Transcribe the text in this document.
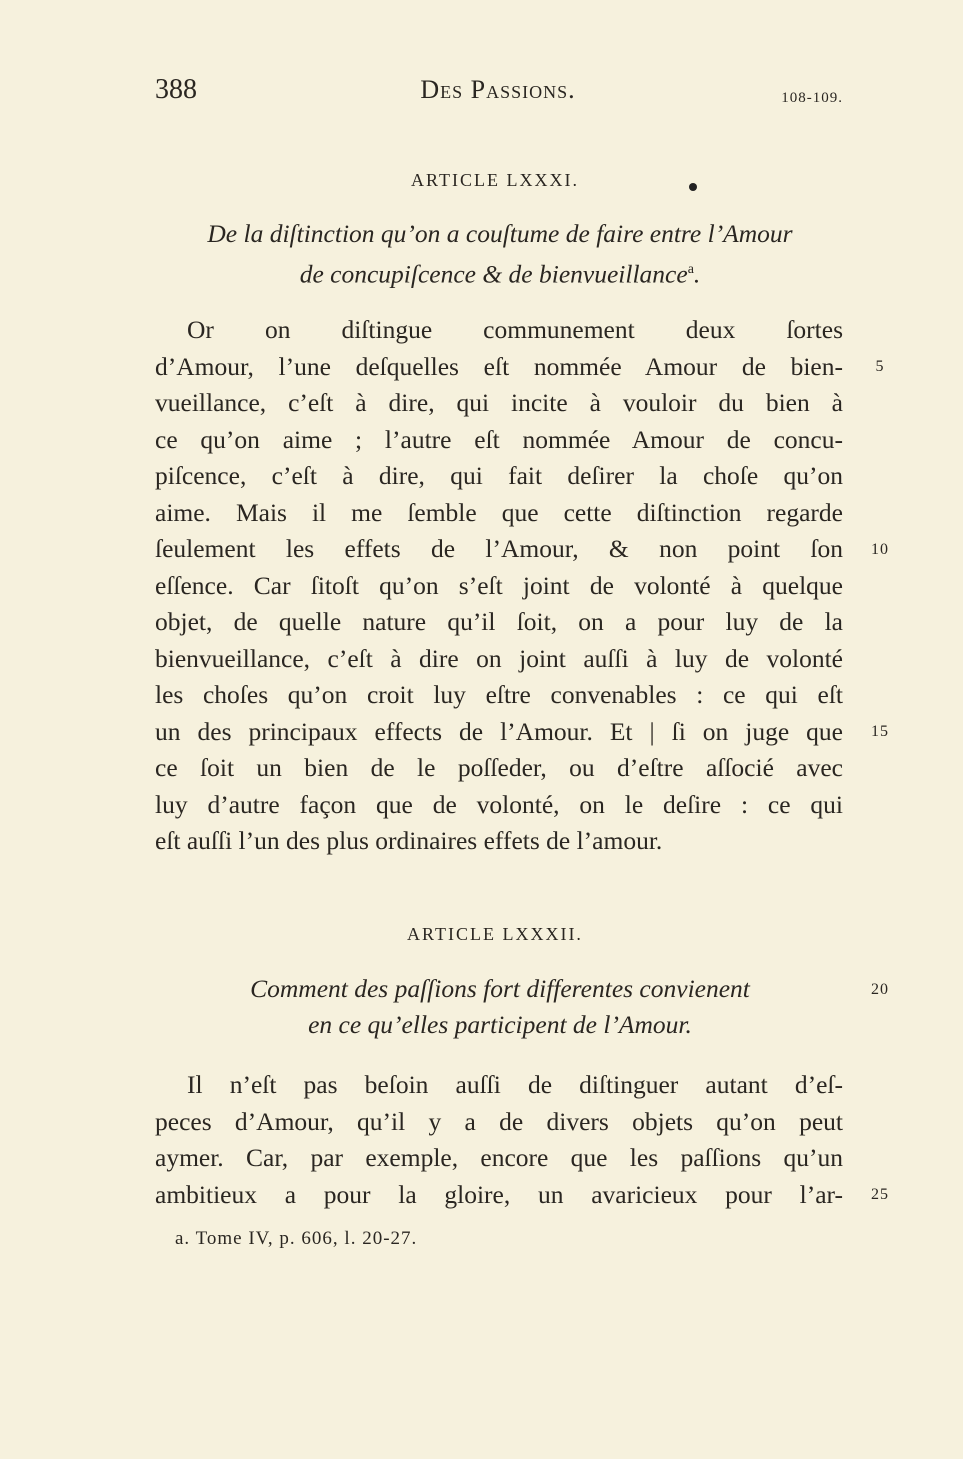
388	Des Passions.	108-109.
ARTICLE LXXXI.

De la diſtinction qu’on a couſtume de faire entre l’Amour

de concupiſcence & de bienvueillance$^a$.

Or on diſtingue communement deux ſortes
d’Amour, l’une deſquelles eſt nommée Amour de bien-
vueillance, c’eſt à dire, qui incite à vouloir du bien à
ce qu’on aime ; l’autre eſt nommée Amour de concu-
piſcence, c’eſt à dire, qui fait deſirer la choſe qu’on
aime. Mais il me ſemble que cette diſtinction regarde
ſeulement les effets de l’Amour, & non point ſon
eſſence. Car ſitoſt qu’on s’eſt joint de volonté à quelque
objet, de quelle nature qu’il ſoit, on a pour luy de la
bienvueillance, c’eſt à dire on joint auſſi à luy de volonté
les choſes qu’on croit luy eſtre convenables : ce qui eſt
un des principaux effects de l’Amour. Et | ſi on juge que
ce ſoit un bien de le poſſeder, ou d’eſtre aſſocié avec
luy d’autre façon que de volonté, on le deſire : ce qui
eſt auſſi l’un des plus ordinaires effets de l’amour.
ARTICLE LXXXII.

Comment des paſſions fort differentes convienent

en ce qu’elles participent de l’Amour.

Il n’eſt pas beſoin auſſi de diſtinguer autant d’eſ-
peces d’Amour, qu’il y a de divers objets qu’on peut
aymer. Car, par exemple, encore que les paſſions qu’un
ambitieux a pour la gloire, un avaricieux pour l’ar-
5
10
15
20
25
a. Tome IV, p. 606, l. 20-27.
